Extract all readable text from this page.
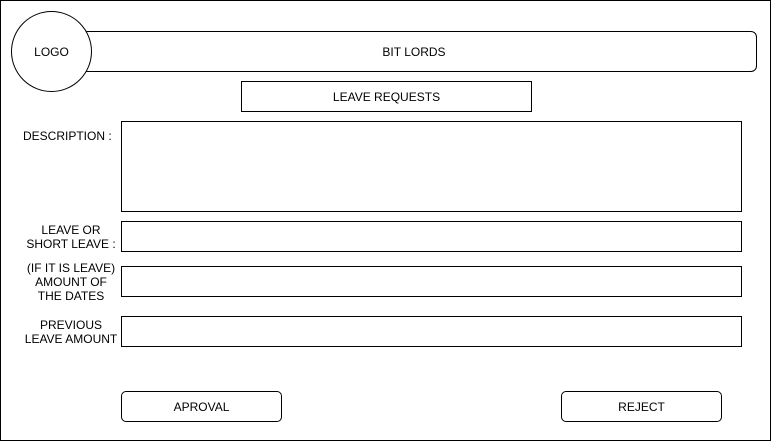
BIT LORDS
LOGO
LEAVE REQUESTS
DESCRIPTION :
LEAVE OR
SHORT LEAVE :
(IF IT IS LEAVE)
AMOUNT OF
THE DATES
PREVIOUS
LEAVE AMOUNT
APROVAL	REJECT
